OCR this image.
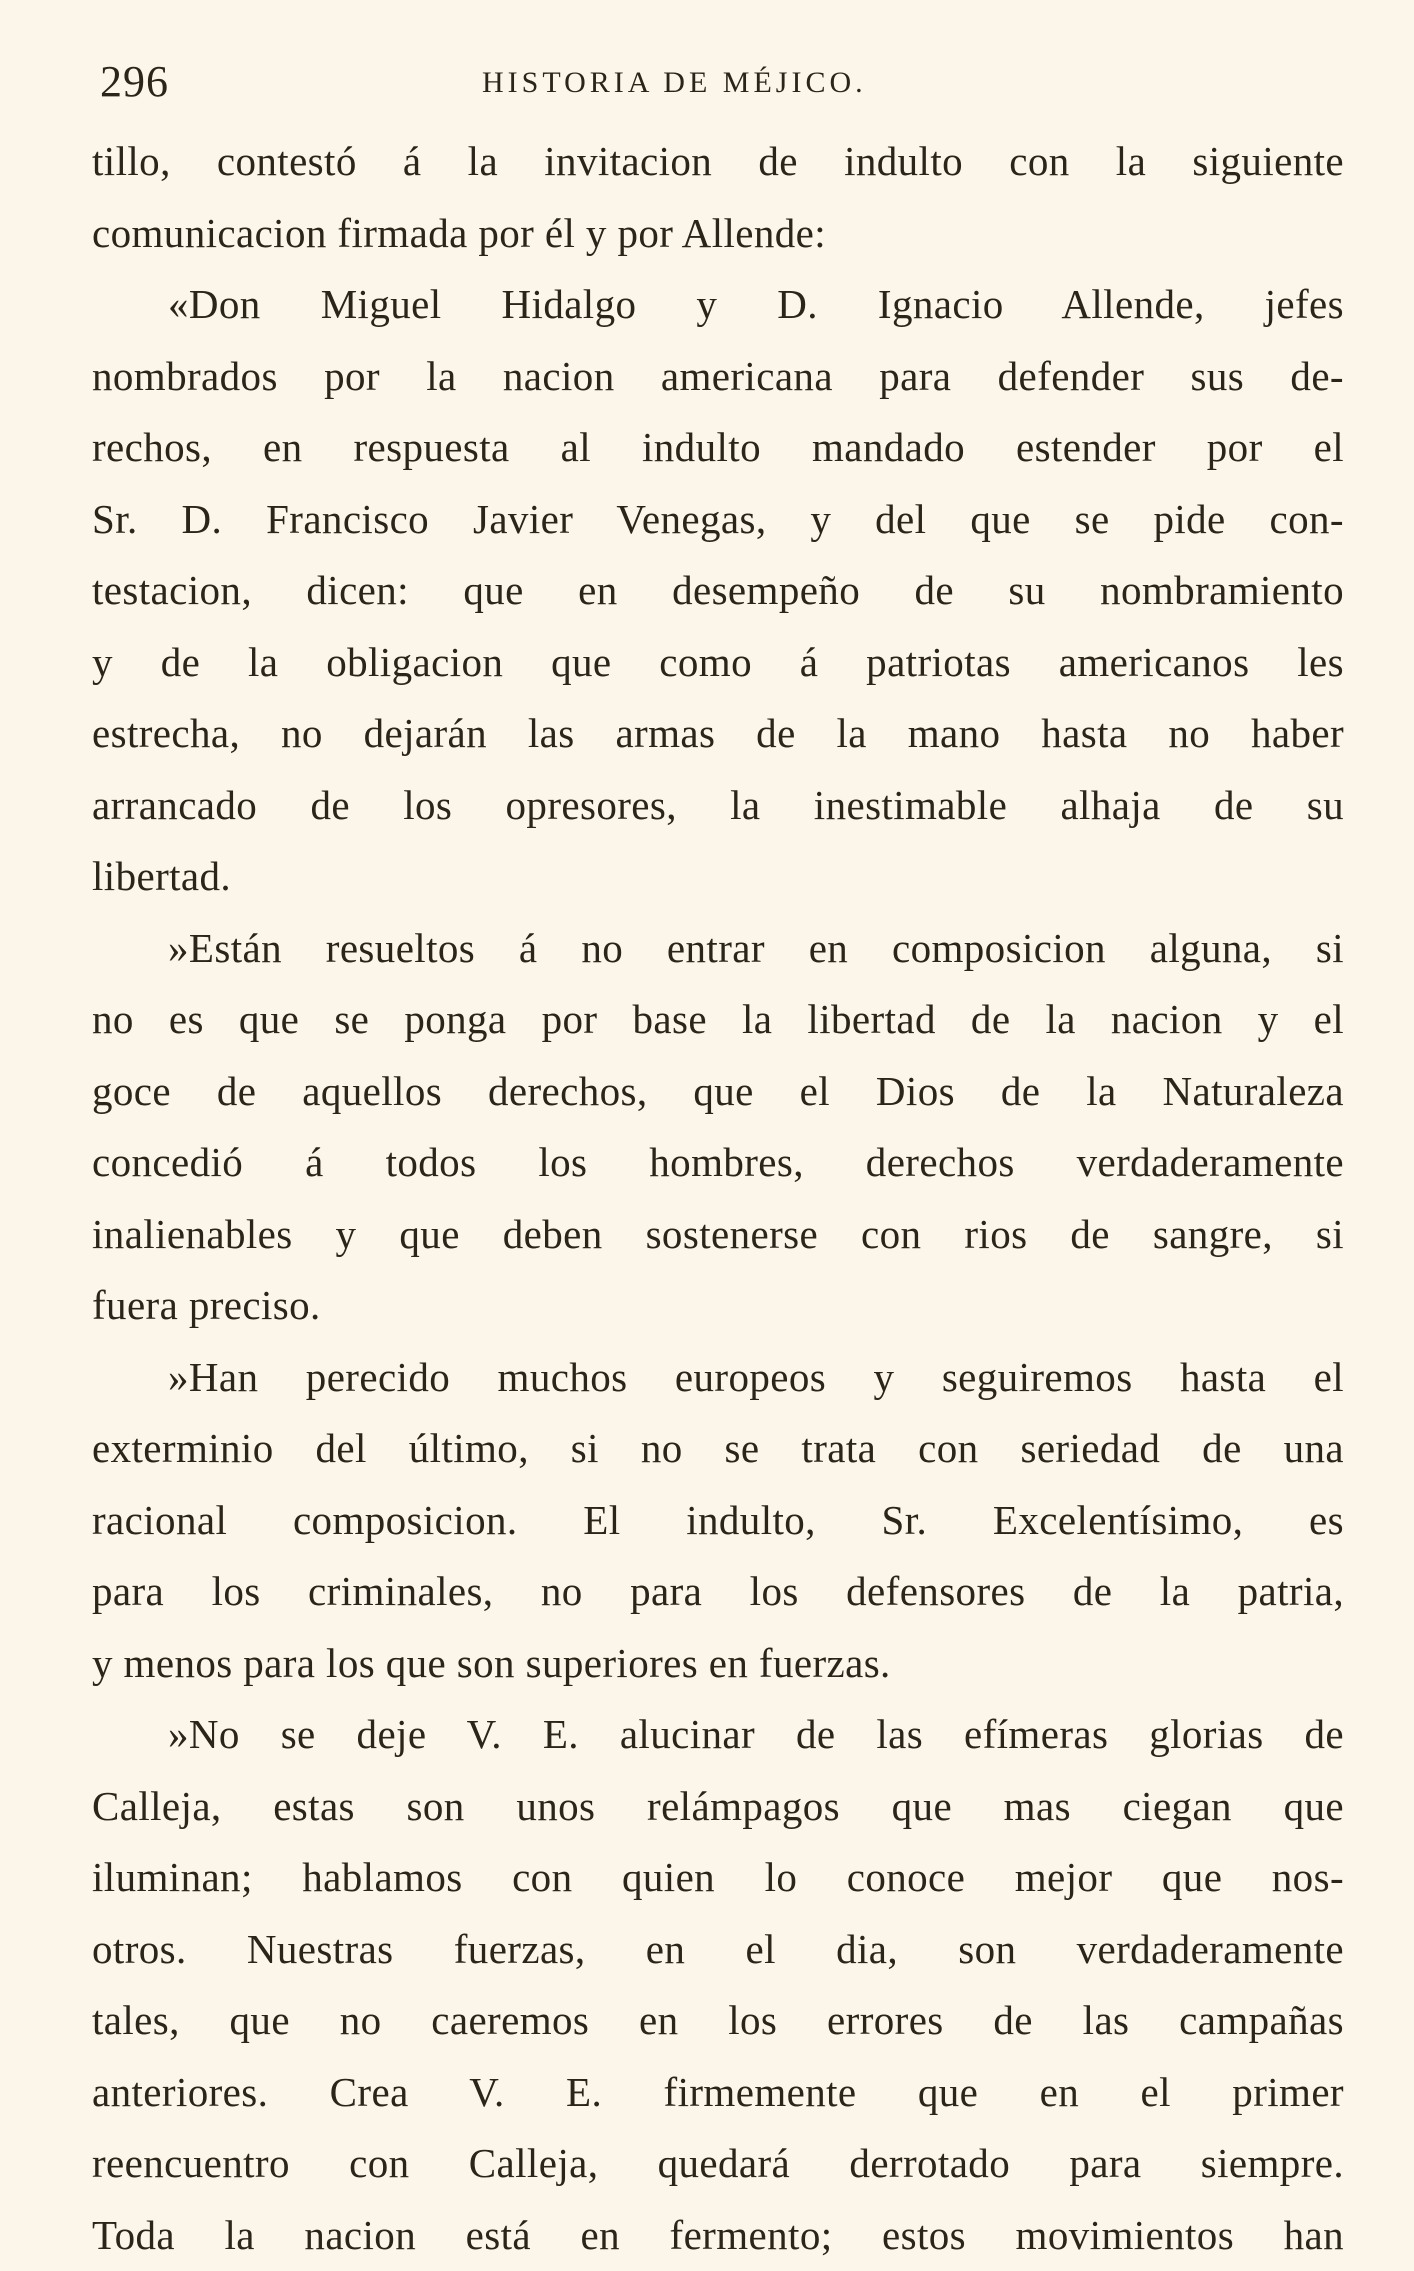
296	HISTORIA DE MÉJICO.
tillo, contestó á la invitacion de indulto con la siguiente
comunicacion firmada por él y por Allende:
«Don Miguel Hidalgo y D. Ignacio Allende, jefes
nombrados por la nacion americana para defender sus de-
rechos, en respuesta al indulto mandado estender por el
Sr. D. Francisco Javier Venegas, y del que se pide con-
testacion, dicen: que en desempeño de su nombramiento
y de la obligacion que como á patriotas americanos les
estrecha, no dejarán las armas de la mano hasta no haber
arrancado de los opresores, la inestimable alhaja de su
libertad.
»Están resueltos á no entrar en composicion alguna, si
no es que se ponga por base la libertad de la nacion y el
goce de aquellos derechos, que el Dios de la Naturaleza
concedió á todos los hombres, derechos verdaderamente
inalienables y que deben sostenerse con rios de sangre, si
fuera preciso.
»Han perecido muchos europeos y seguiremos hasta el
exterminio del último, si no se trata con seriedad de una
racional composicion. El indulto, Sr. Excelentísimo, es
para los criminales, no para los defensores de la patria,
y menos para los que son superiores en fuerzas.
»No se deje V. E. alucinar de las efímeras glorias de
Calleja, estas son unos relámpagos que mas ciegan que
iluminan; hablamos con quien lo conoce mejor que nos-
otros. Nuestras fuerzas, en el dia, son verdaderamente
tales, que no caeremos en los errores de las campañas
anteriores. Crea V. E. firmemente que en el primer
reencuentro con Calleja, quedará derrotado para siempre.
Toda la nacion está en fermento; estos movimientos han
